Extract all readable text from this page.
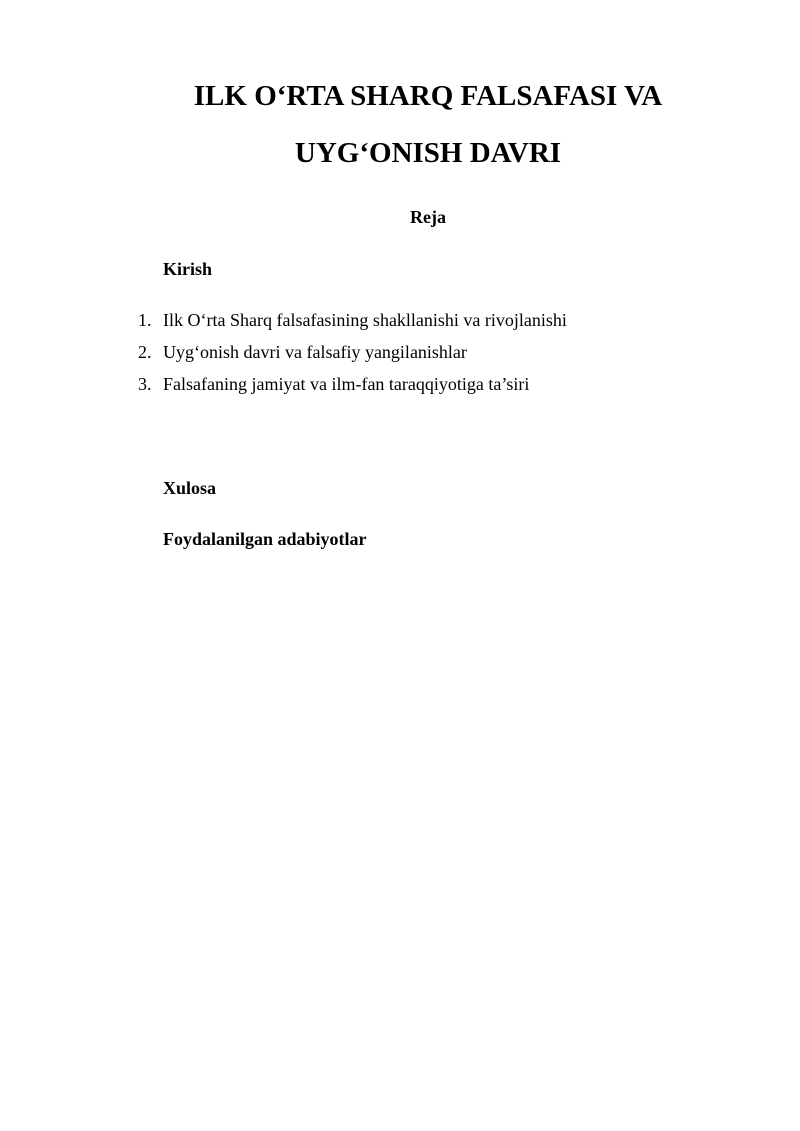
ILK O‘RTA SHARQ FALSAFASI VA
UYG‘ONISH DAVRI
Reja

Kirish

1. Ilk O‘rta Sharq falsafasining shakllanishi va rivojlanishi
2. Uyg‘onish davri va falsafiy yangilanishlar
3. Falsafaning jamiyat va ilm-fan taraqqiyotiga ta’siri

Xulosa

Foydalanilgan adabiyotlar
